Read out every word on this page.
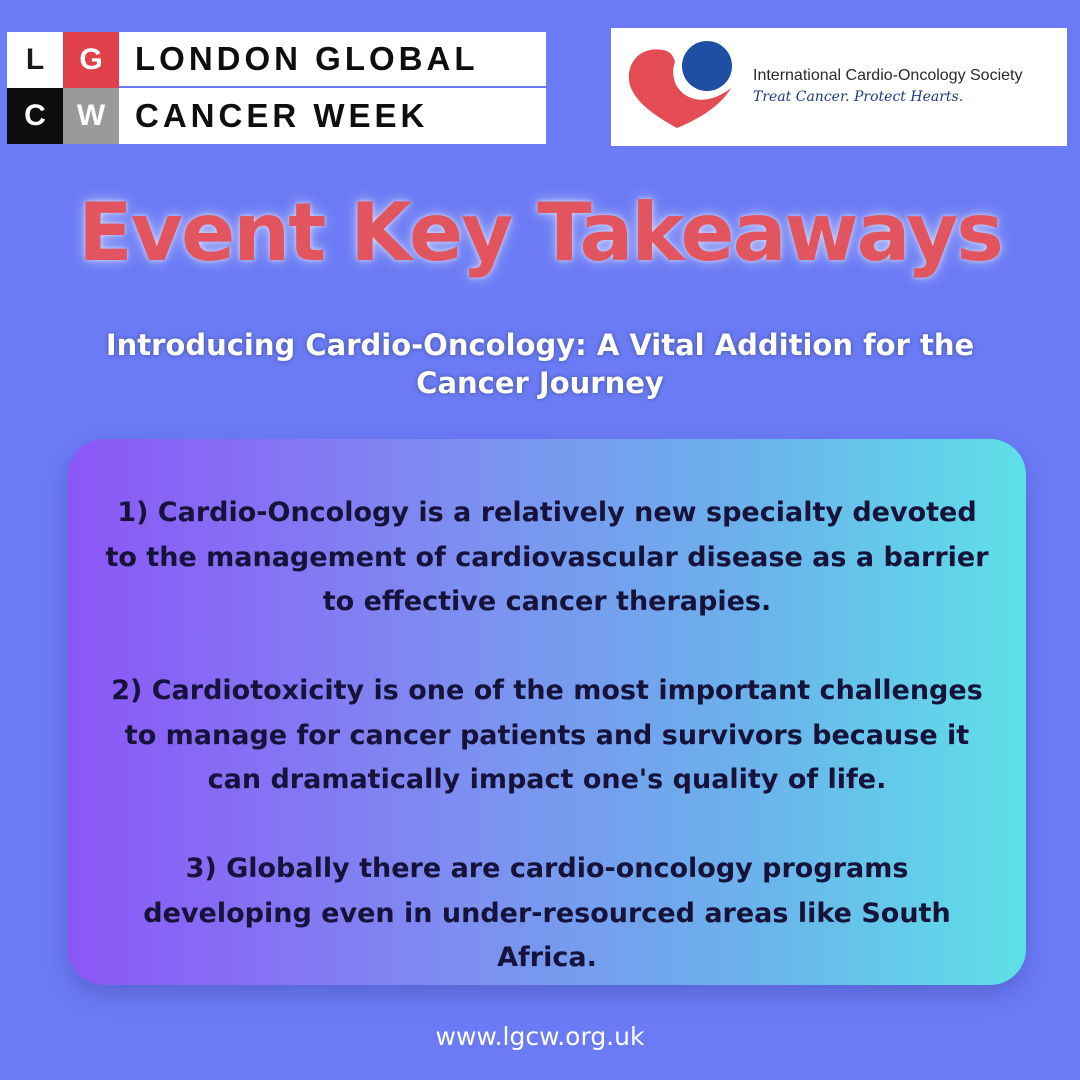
L	G LONDON GLOBAL
C	W CANCER WEEK
International Cardio-Oncology Society
Treat Cancer. Protect Hearts.
Event Key Takeaways
Introducing Cardio-Oncology: A Vital Addition for the Cancer Journey

1) Cardio-Oncology is a relatively new specialty devoted to the management of cardiovascular disease as a barrier to effective cancer therapies.

2) Cardiotoxicity is one of the most important challenges to manage for cancer patients and survivors because it can dramatically impact one's quality of life.

3) Globally there are cardio-oncology programs developing even in under-resourced areas like South Africa.

www.lgcw.org.uk
